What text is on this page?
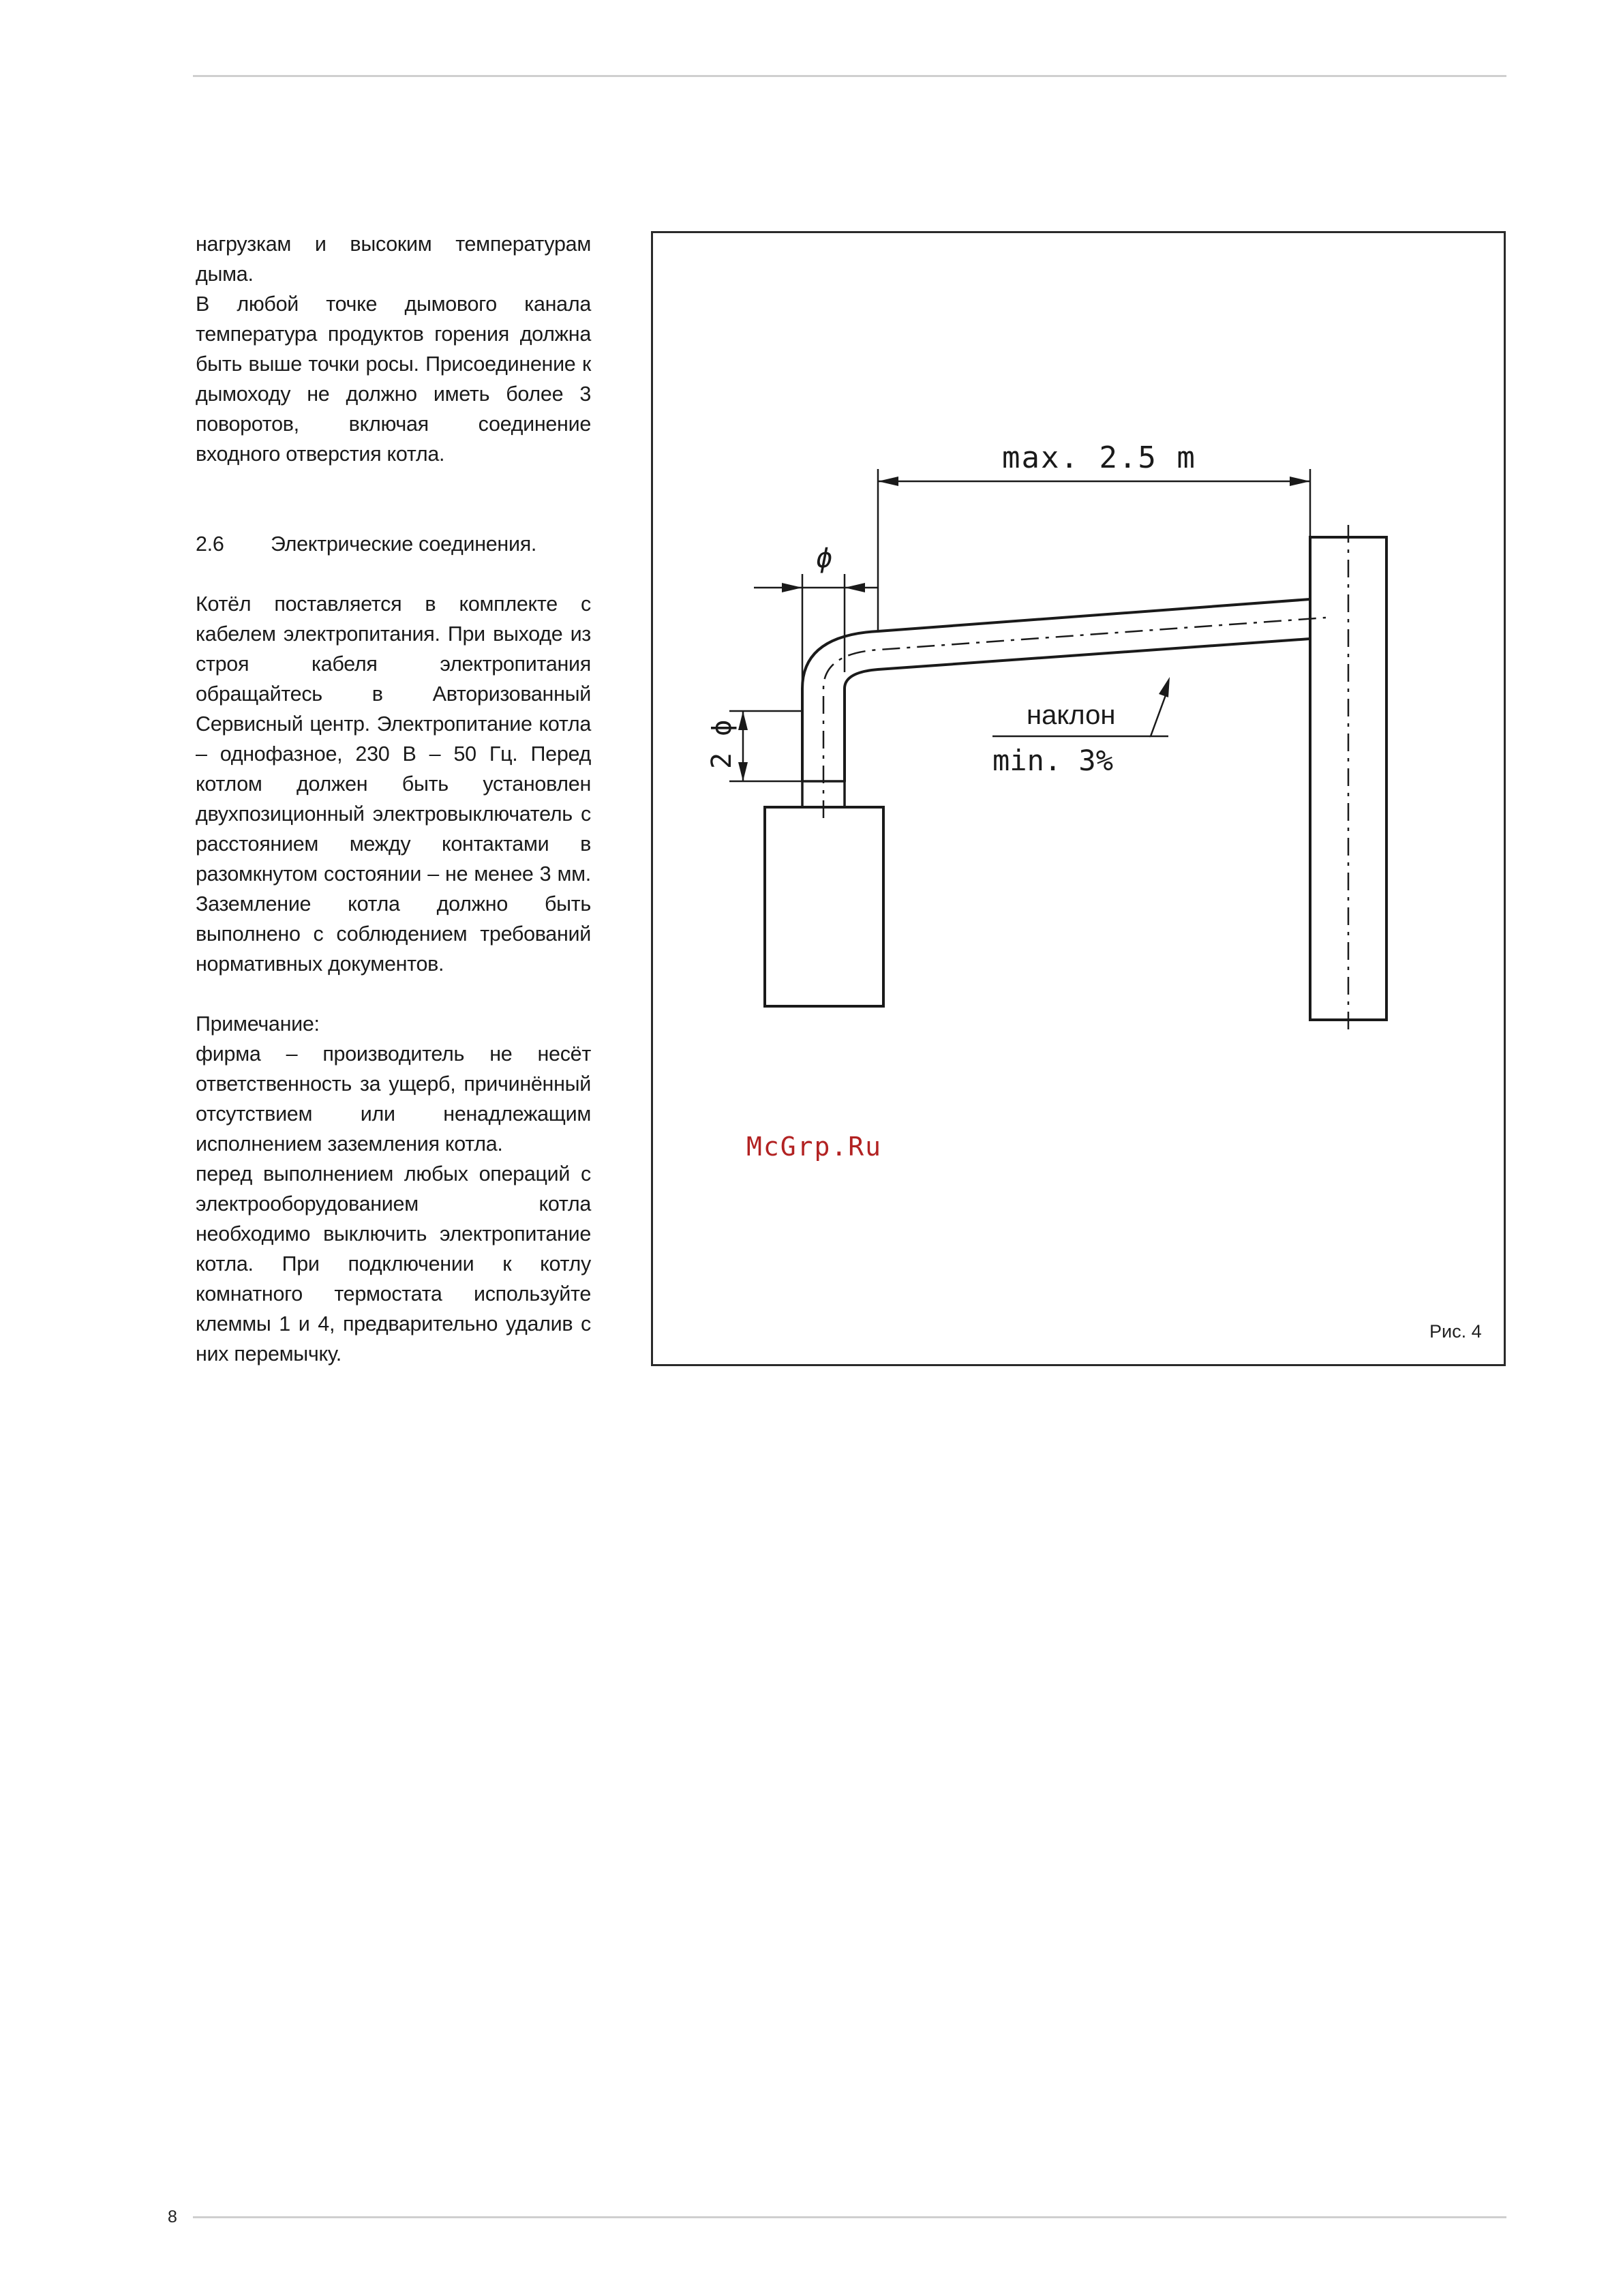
нагрузкам и высоким температурам дыма.

В любой точке дымового канала температура продуктов горения должна быть выше точки росы. Присоединение к дымоходу не должно иметь более 3 поворотов, включая соединение входного отверстия котла.

2.6	Электрические соединения.

Котёл поставляется в комплекте с кабелем электропитания. При выходе из строя кабеля электропитания обращайтесь в Авторизованный Сервисный центр. Электропитание котла – однофазное, 230 В – 50 Гц. Перед котлом должен быть установлен двухпозиционный электровыключатель с расстоянием между контактами в разомкнутом состоянии – не менее 3 мм. Заземление котла должно быть выполнено с соблюдением требований нормативных документов.

Примечание:

фирма – производитель не несёт ответственность за ущерб, причинённый отсутствием или ненадлежащим исполнением заземления котла.

перед выполнением любых операций с электрооборудованием котла необходимо выключить электропитание котла. При подключении к котлу комнатного термостата используйте клеммы 1 и 4, предварительно удалив с них перемычку.

max. 2.5 m
ϕ
2 ϕ
наклон
min. 3%
McGrp.Ru
Рис. 4
8
